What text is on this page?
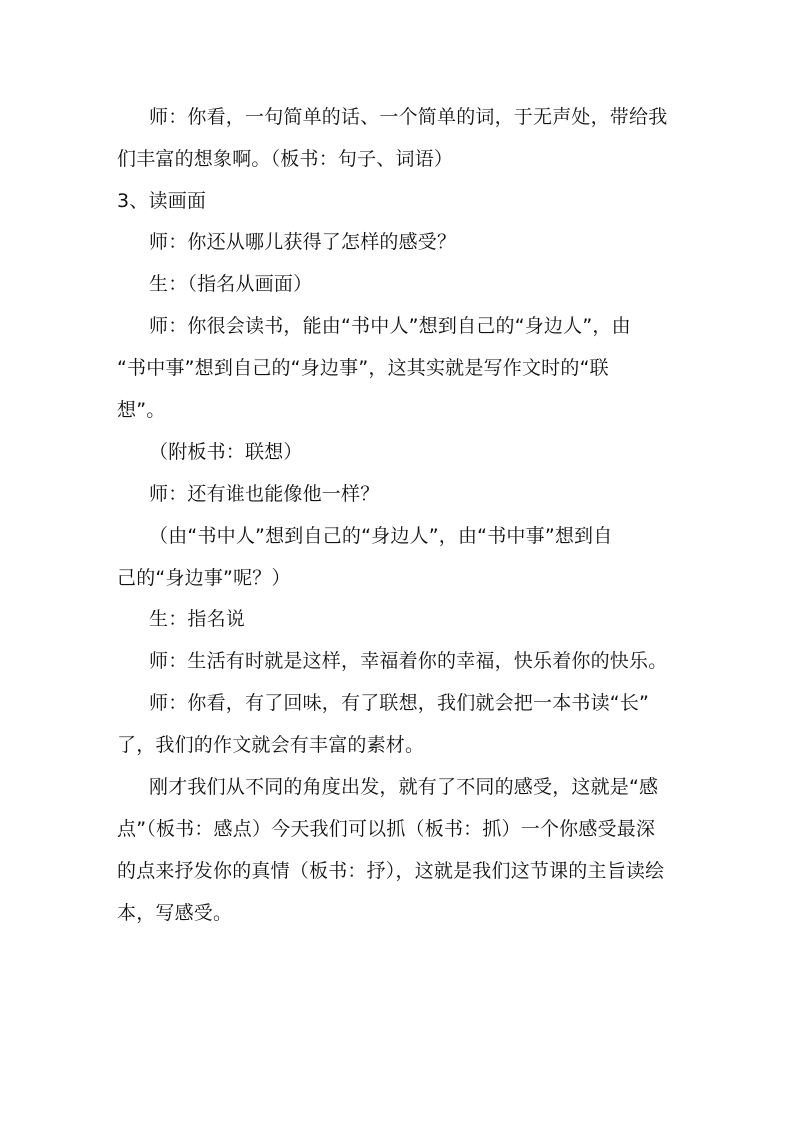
师：你看，一句简单的话、一个简单的词，于无声处，带给我
们丰富的想象啊。（板书：句子、词语）
3、读画面
师：你还从哪儿获得了怎样的感受？
生：（指名从画面）
师：你很会读书，能由“书中人”想到自己的“身边人”，由
“书中事”想到自己的“身边事”，这其实就是写作文时的“联
想”。
（附板书：联想）
师：还有谁也能像他一样？
（由“书中人”想到自己的“身边人”，由“书中事”想到自
己的“身边事”呢？）
生：指名说
师：生活有时就是这样，幸福着你的幸福，快乐着你的快乐。
师：你看，有了回味，有了联想，我们就会把一本书读“长”
了，我们的作文就会有丰富的素材。
刚才我们从不同的角度出发，就有了不同的感受，这就是“感
点”（板书：感点）今天我们可以抓（板书：抓）一个你感受最深
的点来抒发你的真情（板书：抒），这就是我们这节课的主旨读绘
本，写感受。
